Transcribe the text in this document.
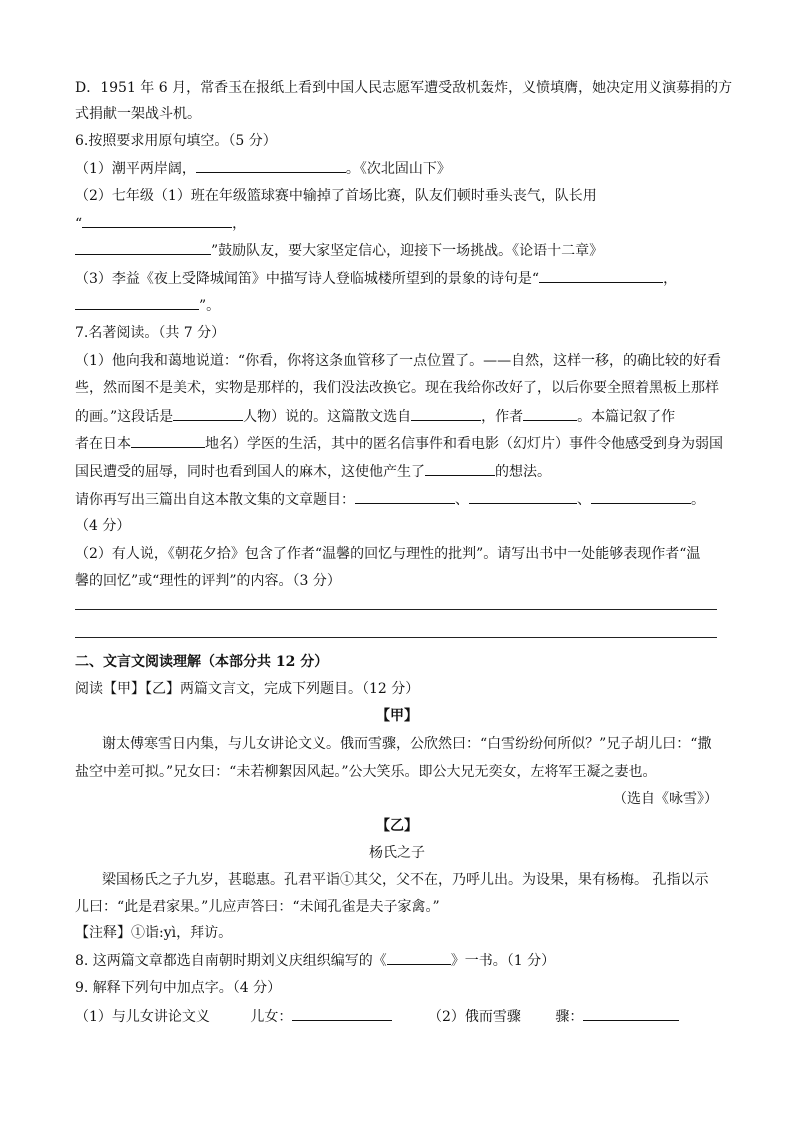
D．1951 年 6 月，常香玉在报纸上看到中国人民志愿军遭受敌机轰炸，义愤填膺，她决定用义演募捐的方
式捐献一架战斗机。
6.按照要求用原句填空。（5 分）
（1）潮平两岸阔，	。《次北固山下》
（2）七年级（1）班在年级篮球赛中输掉了首场比赛，队友们顿时垂头丧气，队长用
“	，
”鼓励队友，要大家坚定信心，迎接下一场挑战。《论语十二章》
（3）李益《夜上受降城闻笛》中描写诗人登临城楼所望到的景象的诗句是“	，
”。
7.名著阅读。（共 7 分）
（1）他向我和蔼地说道：“你看，你将这条血管移了一点位置了。——自然，这样一移，的确比较的好看
些，然而图不是美术，实物是那样的，我们没法改换它。现在我给你改好了，以后你要全照着黑板上那样
的画。”这段话是	人物）说的。这篇散文选自	，作者	。本篇记叙了作
者在日本	地名）学医的生活，其中的匿名信事件和看电影（幻灯片）事件令他感受到身为弱国
国民遭受的屈辱，同时也看到国人的麻木，这使他产生了	的想法。
请你再写出三篇出自这本散文集的文章题目：	、	、	。
（4 分）
（2）有人说，《朝花夕拾》包含了作者“温馨的回忆与理性的批判”。请写出书中一处能够表现作者“温
馨的回忆”或“理性的评判”的内容。（3 分）
二、文言文阅读理解（本部分共 12 分）
阅读【甲】【乙】两篇文言文，完成下列题目。（12 分）
【甲】
谢太傅寒雪日内集，与儿女讲论文义。俄而雪骤，公欣然曰：“白雪纷纷何所似？”兄子胡儿曰：“撒
盐空中差可拟。”兄女曰：“未若柳絮因风起。”公大笑乐。即公大兄无奕女，左将军王凝之妻也。
（选自《咏雪》）
【乙】
杨氏之子
梁国杨氏之子九岁，甚聪惠。孔君平诣①其父，父不在，乃呼儿出。为设果，果有杨梅。 孔指以示
儿曰：“此是君家果。”儿应声答曰：“未闻孔雀是夫子家禽。”
【注释】①诣:yì，拜访。
8. 这两篇文章都选自南朝时期刘义庆组织编写的《	》一书。（1 分）
9. 解释下列句中加点字。（4 分）
（1）与儿女讲论文义	儿女：	（2）俄而雪骤 骤：
